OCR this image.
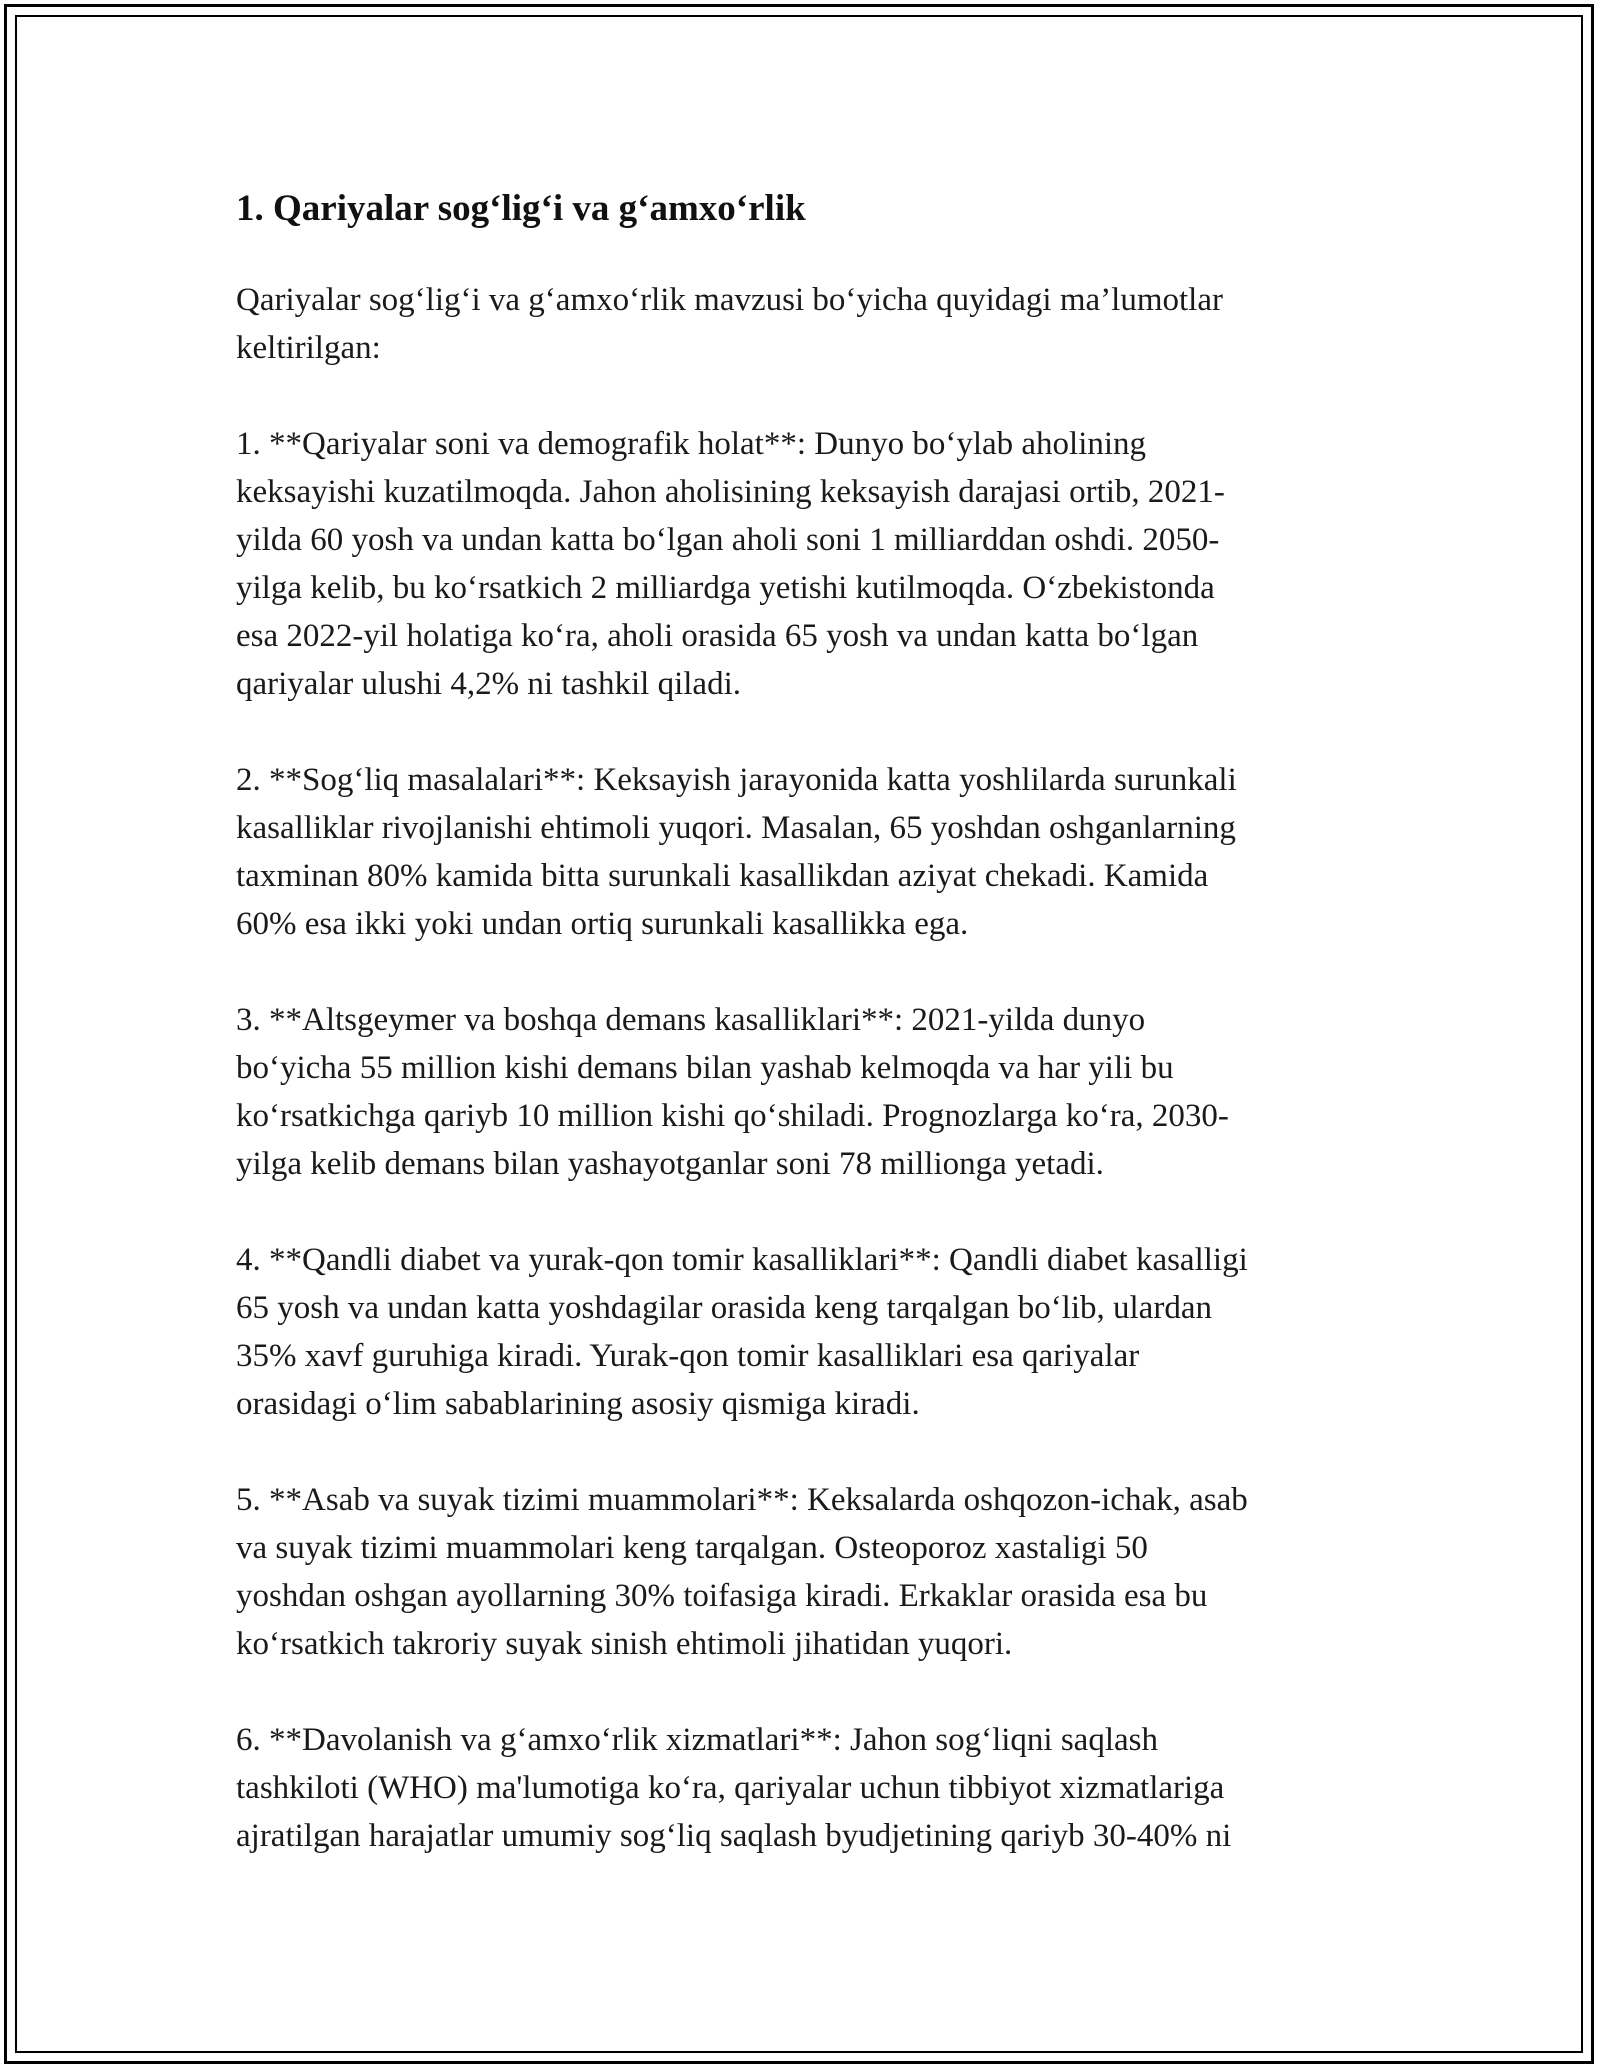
1. Qariyalar sog‘lig‘i va g‘amxo‘rlik

Qariyalar sog‘lig‘i va g‘amxo‘rlik mavzusi bo‘yicha quyidagi ma’lumotlar
keltirilgan:

1. **Qariyalar soni va demografik holat**: Dunyo bo‘ylab aholining
keksayishi kuzatilmoqda. Jahon aholisining keksayish darajasi ortib, 2021-
yilda 60 yosh va undan katta bo‘lgan aholi soni 1 milliarddan oshdi. 2050-
yilga kelib, bu ko‘rsatkich 2 milliardga yetishi kutilmoqda. O‘zbekistonda
esa 2022-yil holatiga ko‘ra, aholi orasida 65 yosh va undan katta bo‘lgan
qariyalar ulushi 4,2% ni tashkil qiladi.

2. **Sog‘liq masalalari**: Keksayish jarayonida katta yoshlilarda surunkali
kasalliklar rivojlanishi ehtimoli yuqori. Masalan, 65 yoshdan oshganlarning
taxminan 80% kamida bitta surunkali kasallikdan aziyat chekadi. Kamida
60% esa ikki yoki undan ortiq surunkali kasallikka ega.

3. **Altsgeymer va boshqa demans kasalliklari**: 2021-yilda dunyo
bo‘yicha 55 million kishi demans bilan yashab kelmoqda va har yili bu
ko‘rsatkichga qariyb 10 million kishi qo‘shiladi. Prognozlarga ko‘ra, 2030-
yilga kelib demans bilan yashayotganlar soni 78 millionga yetadi.

4. **Qandli diabet va yurak-qon tomir kasalliklari**: Qandli diabet kasalligi
65 yosh va undan katta yoshdagilar orasida keng tarqalgan bo‘lib, ulardan
35% xavf guruhiga kiradi. Yurak-qon tomir kasalliklari esa qariyalar
orasidagi o‘lim sabablarining asosiy qismiga kiradi.

5. **Asab va suyak tizimi muammolari**: Keksalarda oshqozon-ichak, asab
va suyak tizimi muammolari keng tarqalgan. Osteoporoz xastaligi 50
yoshdan oshgan ayollarning 30% toifasiga kiradi. Erkaklar orasida esa bu
ko‘rsatkich takroriy suyak sinish ehtimoli jihatidan yuqori.

6. **Davolanish va g‘amxo‘rlik xizmatlari**: Jahon sog‘liqni saqlash
tashkiloti (WHO) ma'lumotiga ko‘ra, qariyalar uchun tibbiyot xizmatlariga
ajratilgan harajatlar umumiy sog‘liq saqlash byudjetining qariyb 30-40% ni
